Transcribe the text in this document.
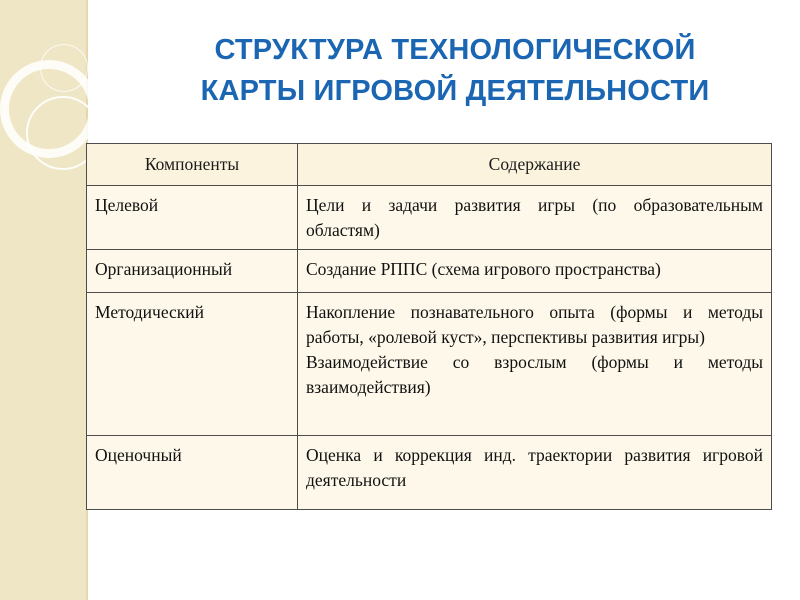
СТРУКТУРА ТЕХНОЛОГИЧЕСКОЙ
КАРТЫ ИГРОВОЙ ДЕЯТЕЛЬНОСТИ
Компоненты	Содержание
Целевой	Цели и задачи развития игры (по образовательным областям)

Организационный	Создание РППС (схема игрового пространства)

Методический	Накопление познавательного опыта (формы и методы работы, «ролевой куст», перспективы развития игры)
Взаимодействие со взрослым (формы и методы взаимодействия)

Оценочный	Оценка и коррекция инд. траектории развития игровой деятельности
